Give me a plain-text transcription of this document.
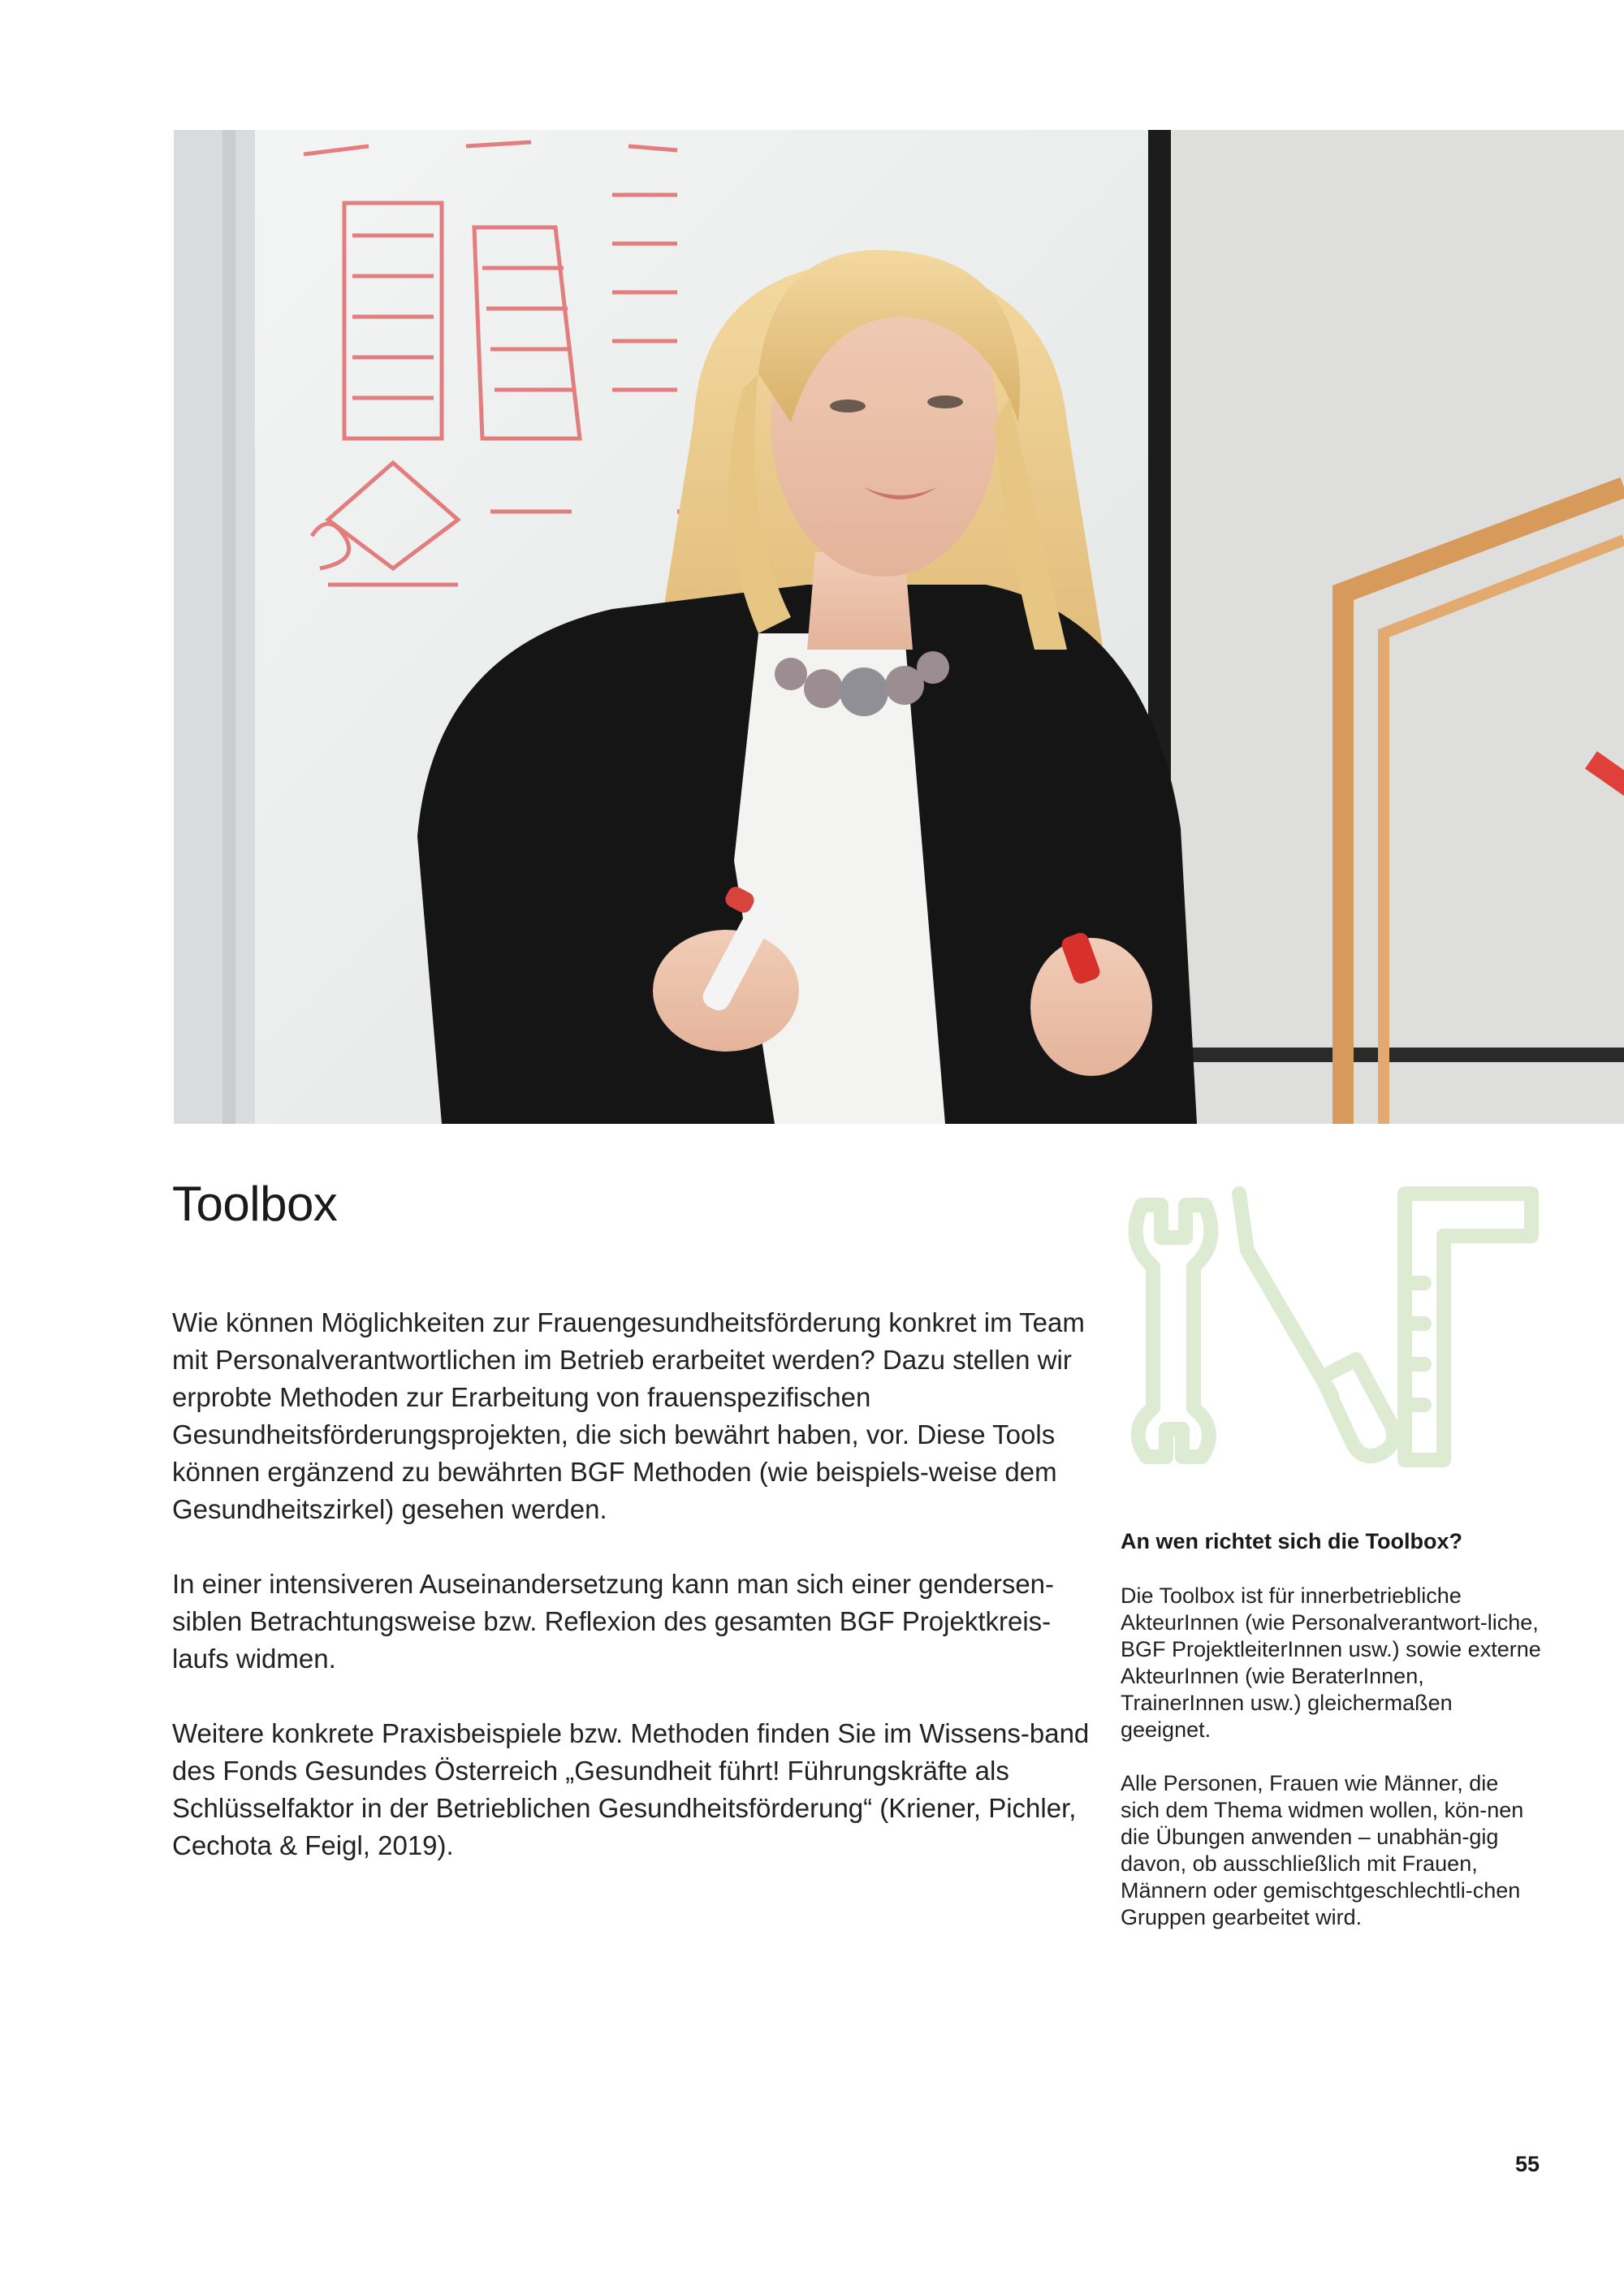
Toolbox

Wie können Möglichkeiten zur Frauengesundheitsförderung konkret im Team mit Personalverantwortlichen im Betrieb erarbeitet werden? Dazu stellen wir erprobte Methoden zur Erarbeitung von frauenspezifischen Gesundheitsförderungsprojekten, die sich bewährt haben, vor. Diese Tools können ergänzend zu bewährten BGF Methoden (wie beispiels-weise dem Gesundheitszirkel) gesehen werden.

In einer intensiveren Auseinandersetzung kann man sich einer gendersen-siblen Betrachtungsweise bzw. Reflexion des gesamten BGF Projektkreis-laufs widmen.

Weitere konkrete Praxisbeispiele bzw. Methoden finden Sie im Wissens-band des Fonds Gesundes Österreich „Gesundheit führt! Führungskräfte als Schlüsselfaktor in der Betrieblichen Gesundheitsförderung“ (Kriener, Pichler, Cechota & Feigl, 2019).

An wen richtet sich die Toolbox?

Die Toolbox ist für innerbetriebliche AkteurInnen (wie Personalverantwort-liche, BGF ProjektleiterInnen usw.) sowie externe AkteurInnen (wie BeraterInnen, TrainerInnen usw.) gleichermaßen geeignet.

Alle Personen, Frauen wie Männer, die sich dem Thema widmen wollen, kön-nen die Übungen anwenden – unabhän-gig davon, ob ausschließlich mit Frauen, Männern oder gemischtgeschlechtli-chen Gruppen gearbeitet wird.

55
